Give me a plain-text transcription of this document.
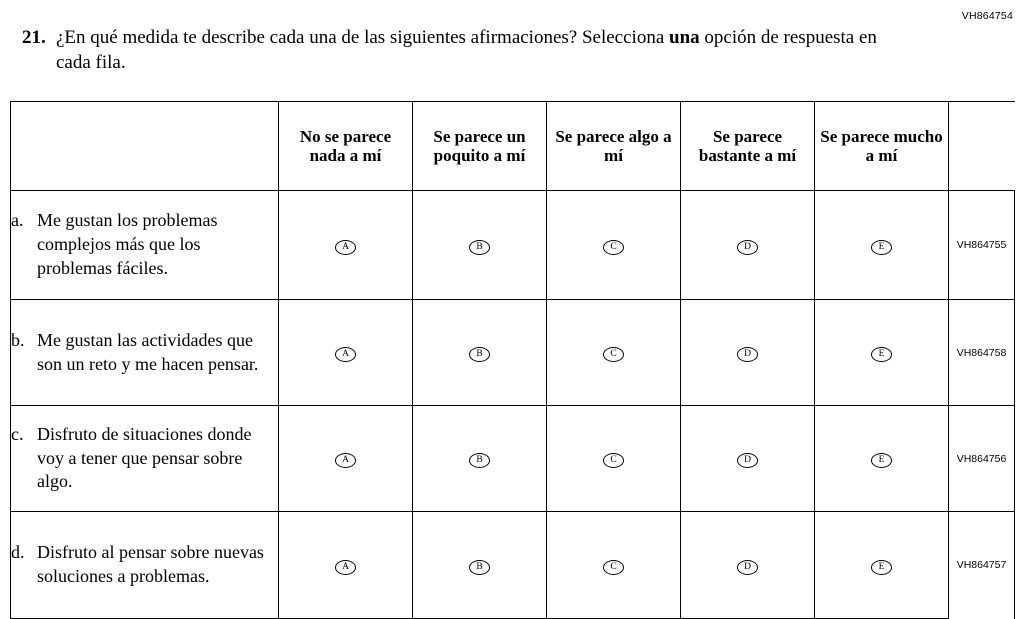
VH864754
21. ¿En qué medida te describe cada una de las siguientes afirmaciones? Selecciona una opción de respuesta en cada fila.
	No se parece nada a mí	Se parece un poquito a mí	Se parece algo a mí	Se parece bastante a mí	Se parece mucho a mí	

a. Me gustan los problemas complejos más que los problemas fáciles.	A	B	C	D	E	VH864755

b. Me gustan las actividades que son un reto y me hacen pensar.	A	B	C	D	E	VH864758

c. Disfruto de situaciones donde voy a tener que pensar sobre algo.	A	B	C	D	E	VH864756

d. Disfruto al pensar sobre nuevas soluciones a problemas.	A	B	C	D	E	VH864757
